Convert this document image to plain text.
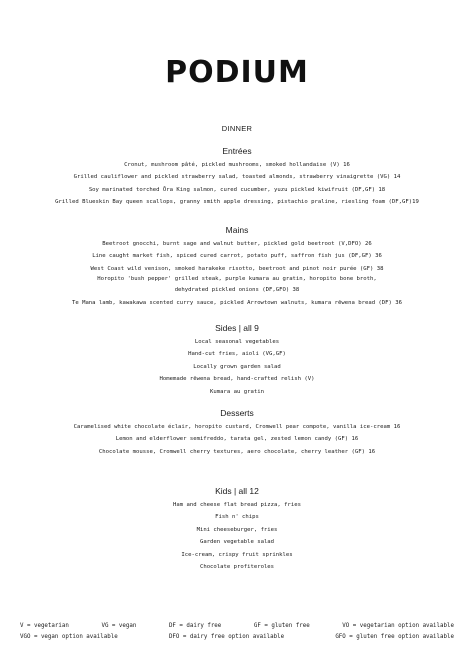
PODIUM
DINNER
Entrées
Cronut, mushroom pâté, pickled mushrooms, smoked hollandaise (V) 16
Grilled cauliflower and pickled strawberry salad, toasted almonds, strawberry vinaigrette (VG) 14
Soy marinated torched Ōra King salmon, cured cucumber, yuzu pickled kiwifruit (DF,GF) 18
Grilled Blueskin Bay queen scallops, granny smith apple dressing, pistachio praline, riesling foam (DF,GF)19
Mains
Beetroot gnocchi, burnt sage and walnut butter, pickled gold beetroot (V,DFO) 26
Line caught market fish, spiced cured carrot, potato puff, saffron fish jus (DF,GF) 36
West Coast wild venison, smoked harakeke risotto, beetroot and pinot noir purée (GF) 38
Horopito 'bush pepper' grilled steak, purple kumara au gratin, horopito bone broth,
dehydrated pickled onions (DF,GFO) 38
Te Mana lamb, kawakawa scented curry sauce, pickled Arrowtown walnuts, kumara rēwena bread (DF) 36
Sides | all 9
Local seasonal vegetables
Hand-cut fries, aioli (VG,GF)
Locally grown garden salad
Homemade rēwena bread, hand-crafted relish (V)
Kumara au gratin
Desserts
Caramelised white chocolate éclair, horopito custard, Cromwell pear compote, vanilla ice-cream 16
Lemon and elderflower semifreddo, tarata gel, zested lemon candy (GF) 16
Chocolate mousse, Cromwell cherry textures, aero chocolate, cherry leather (GF) 16
Kids | all 12
Ham and cheese flat bread pizza, fries
Fish n' chips
Mini cheeseburger, fries
Garden vegetable salad
Ice-cream, crispy fruit sprinkles
Chocolate profiteroles
V = vegetarian	VG = vegan	DF = dairy free	GF = gluten free	VO = vegetarian option available
VGO = vegan option available	DFO = dairy free option available	GFO = gluten free option available
